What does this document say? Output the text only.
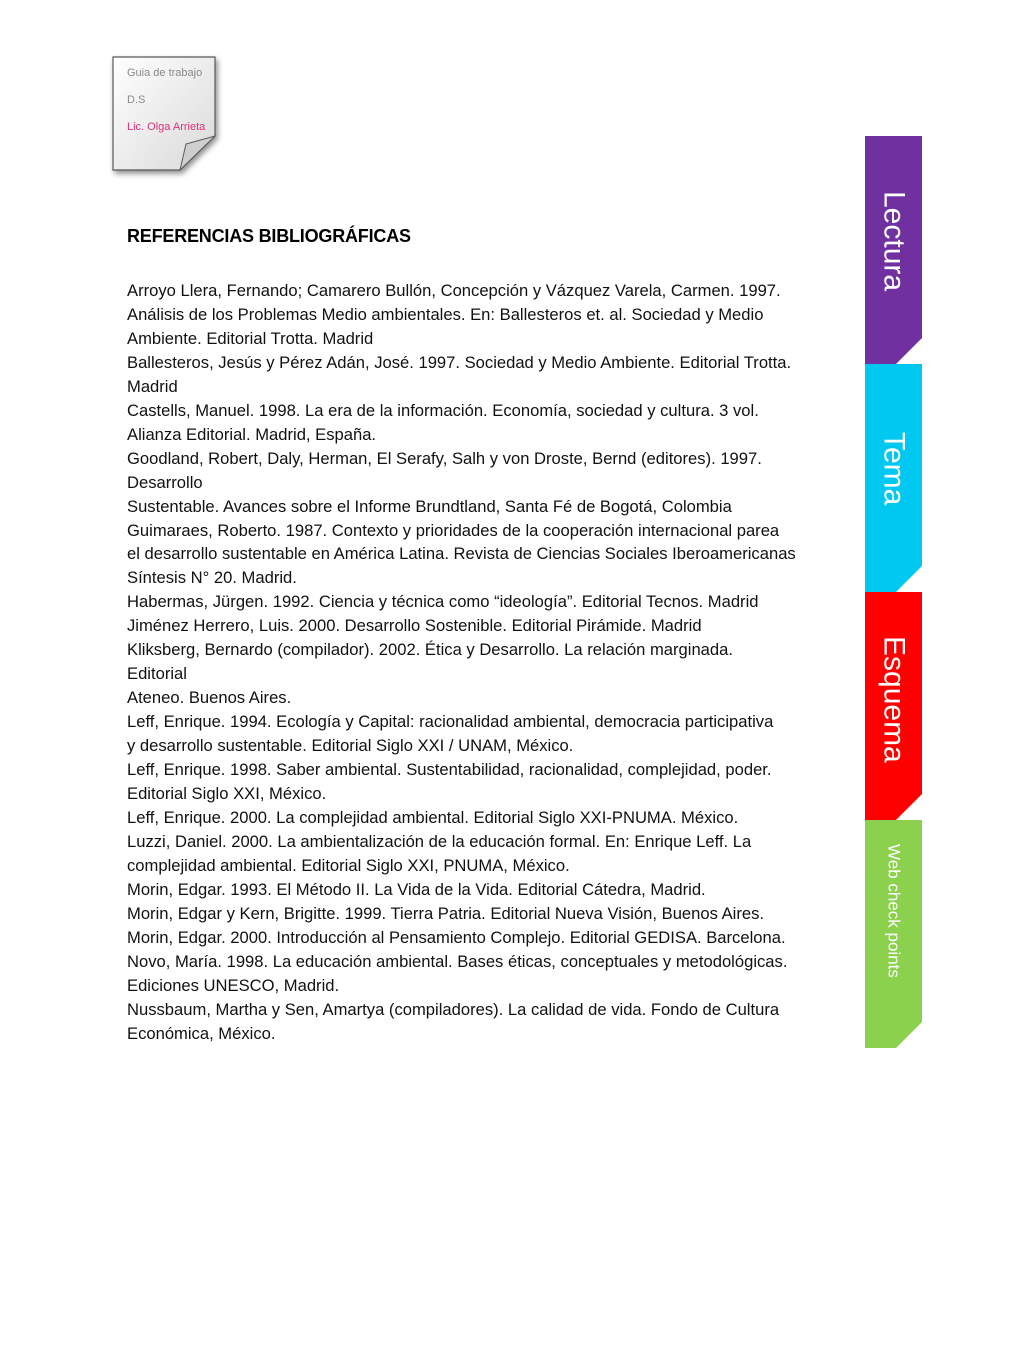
Guia de trabajo
D.S
Lic. Olga Arrieta
REFERENCIAS BIBLIOGRÁFICAS

Arroyo Llera, Fernando; Camarero Bullón, Concepción y Vázquez Varela, Carmen. 1997.

Análisis de los Problemas Medio ambientales. En: Ballesteros et. al. Sociedad y Medio

Ambiente. Editorial Trotta. Madrid

Ballesteros, Jesús y Pérez Adán, José. 1997. Sociedad y Medio Ambiente. Editorial Trotta.

Madrid

Castells, Manuel. 1998. La era de la información. Economía, sociedad y cultura. 3 vol.

Alianza Editorial. Madrid, España.

Goodland, Robert, Daly, Herman, El Serafy, Salh y von Droste, Bernd (editores). 1997.

Desarrollo

Sustentable. Avances sobre el Informe Brundtland, Santa Fé de Bogotá, Colombia

Guimaraes, Roberto. 1987. Contexto y prioridades de la cooperación internacional parea

el desarrollo sustentable en América Latina. Revista de Ciencias Sociales Iberoamericanas

Síntesis N° 20. Madrid.

Habermas, Jürgen. 1992. Ciencia y técnica como “ideología”. Editorial Tecnos. Madrid

Jiménez Herrero, Luis. 2000. Desarrollo Sostenible. Editorial Pirámide. Madrid

Kliksberg, Bernardo (compilador). 2002. Ética y Desarrollo. La relación marginada.

Editorial

Ateneo. Buenos Aires.

Leff, Enrique. 1994. Ecología y Capital: racionalidad ambiental, democracia participativa

y desarrollo sustentable. Editorial Siglo XXI / UNAM, México.

Leff, Enrique. 1998. Saber ambiental. Sustentabilidad, racionalidad, complejidad, poder.

Editorial Siglo XXI, México.

Leff, Enrique. 2000. La complejidad ambiental. Editorial Siglo XXI-PNUMA. México.

Luzzi, Daniel. 2000. La ambientalización de la educación formal. En: Enrique Leff. La

complejidad ambiental. Editorial Siglo XXI, PNUMA, México.

Morin, Edgar. 1993. El Método II. La Vida de la Vida. Editorial Cátedra, Madrid.

Morin, Edgar y Kern, Brigitte. 1999. Tierra Patria. Editorial Nueva Visión, Buenos Aires.

Morin, Edgar. 2000. Introducción al Pensamiento Complejo. Editorial GEDISA. Barcelona.

Novo, María. 1998. La educación ambiental. Bases éticas, conceptuales y metodológicas.

Ediciones UNESCO, Madrid.

Nussbaum, Martha y Sen, Amartya (compiladores). La calidad de vida. Fondo de Cultura

Económica, México.

Lectura
Tema
Esquema
Web check points
